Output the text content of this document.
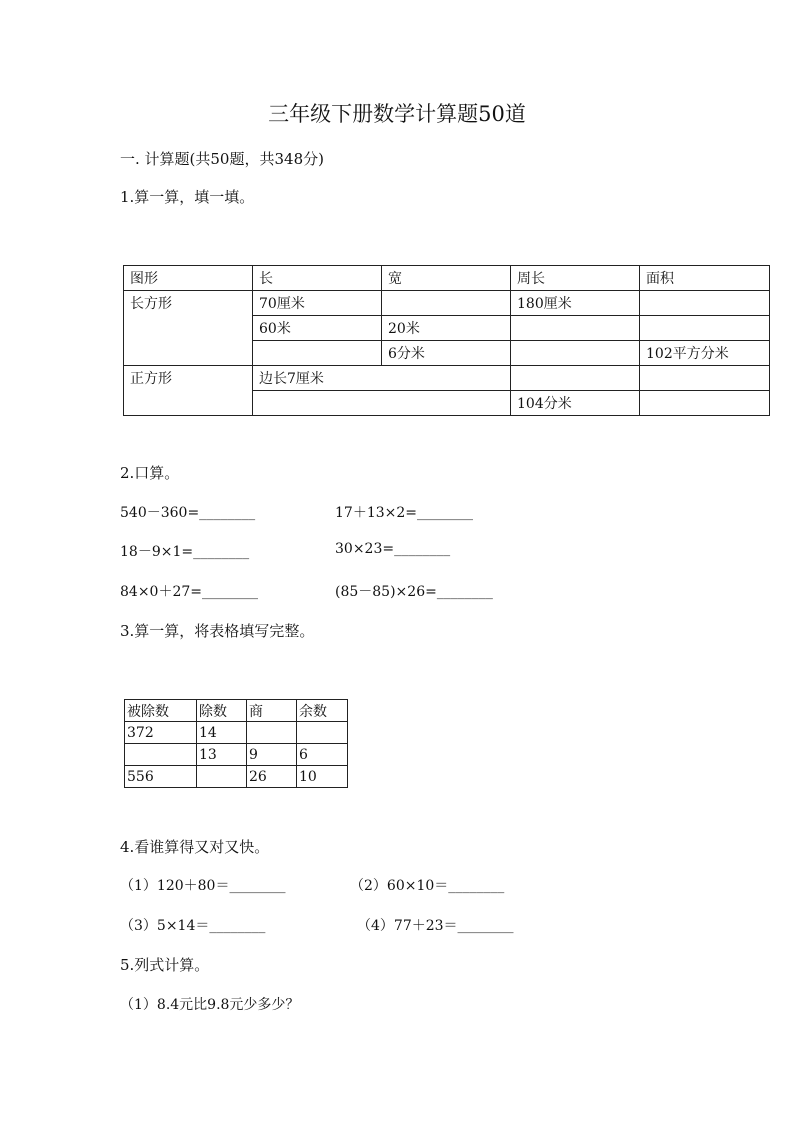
三年级下册数学计算题50道
一. 计算题(共50题，共348分)
1.算一算，填一填。
图形	长	宽	周长	面积
长方形	70厘米		180厘米	
	60米	20米		
		6分米		102平方分米
正方形	边长7厘米			
			104分米	
2.口算。
540－360=________	17＋13×2=________
18－9×1=________	30×23=________
84×0＋27=________	(85－85)×26=________
3.算一算，将表格填写完整。
被除数	除数	商	余数
372	14		
	13	9	6
556		26	10
4.看谁算得又对又快。
（1）120＋80＝________	（2）60×10＝________
（3）5×14＝________	（4）77＋23＝________
5.列式计算。
（1）8.4元比9.8元少多少？
